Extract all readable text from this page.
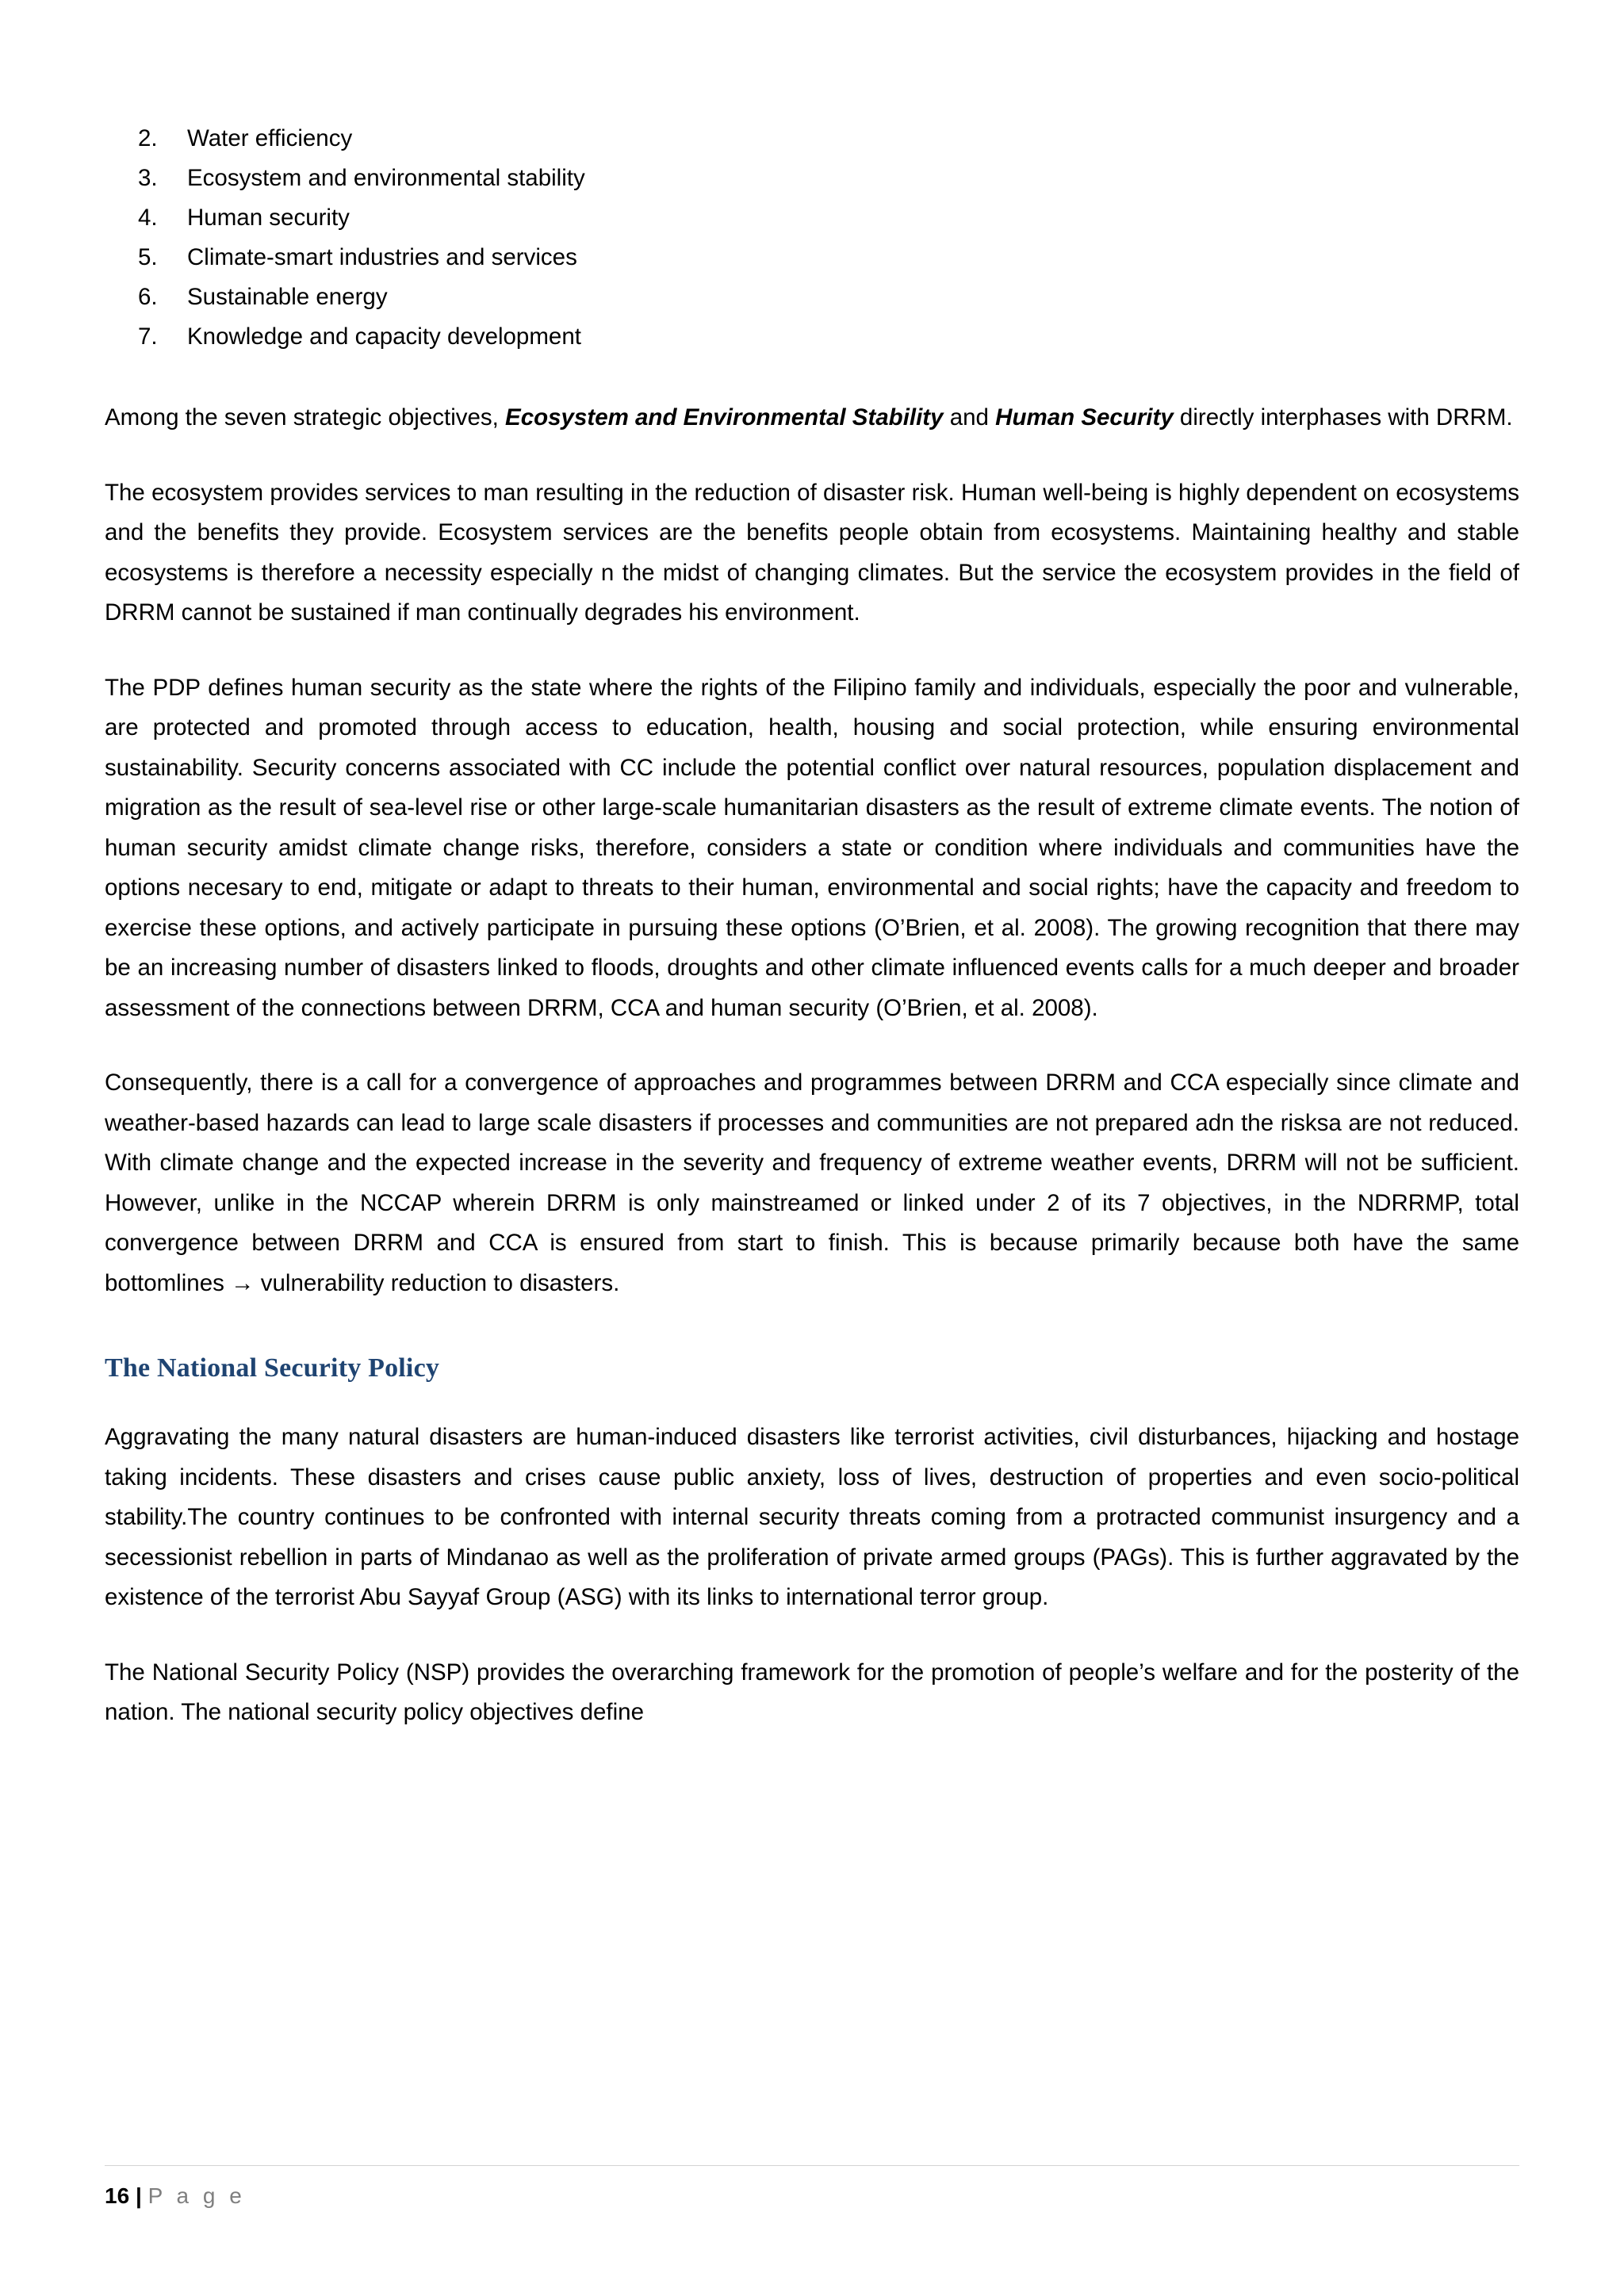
2.	Water efficiency
3.	Ecosystem and environmental stability
4.	Human security
5.	Climate-smart industries and services
6.	Sustainable energy
7.	Knowledge and capacity development

Among the seven strategic objectives, Ecosystem and Environmental Stability and Human Security directly interphases with DRRM.

The ecosystem provides services to man resulting in the reduction of disaster risk. Human well-being is highly dependent on ecosystems and the benefits they provide. Ecosystem services are the benefits people obtain from ecosystems. Maintaining healthy and stable ecosystems is therefore a necessity especially n the midst of changing climates. But the service the ecosystem provides in the field of DRRM cannot be sustained if man continually degrades his environment.

The PDP defines human security as the state where the rights of the Filipino family and individuals, especially the poor and vulnerable, are protected and promoted through access to education, health, housing and social protection, while ensuring environmental sustainability. Security concerns associated with CC include the potential conflict over natural resources, population displacement and migration as the result of sea-level rise or other large-scale humanitarian disasters as the result of extreme climate events. The notion of human security amidst climate change risks, therefore, considers a state or condition where individuals and communities have the options necesary to end, mitigate or adapt to threats to their human, environmental and social rights; have the capacity and freedom to exercise these options, and actively participate in pursuing these options (O’Brien, et al. 2008). The growing recognition that there may be an increasing number of disasters linked to floods, droughts and other climate influenced events calls for a much deeper and broader assessment of the connections between DRRM, CCA and human security (O’Brien, et al. 2008).

Consequently, there is a call for a convergence of approaches and programmes between DRRM and CCA especially since climate and weather-based hazards can lead to large scale disasters if processes and communities are not prepared adn the risksa are not reduced. With climate change and the expected increase in the severity and frequency of extreme weather events, DRRM will not be sufficient. However, unlike in the NCCAP wherein DRRM is only mainstreamed or linked under 2 of its 7 objectives, in the NDRRMP, total convergence between DRRM and CCA is ensured from start to finish. This is because primarily because both have the same bottomlines → vulnerability reduction to disasters.

The National Security Policy

Aggravating the many natural disasters are human-induced disasters like terrorist activities, civil disturbances, hijacking and hostage taking incidents. These disasters and crises cause public anxiety, loss of lives, destruction of properties and even socio-political stability.The country continues to be confronted with internal security threats coming from a protracted communist insurgency and a secessionist rebellion in parts of Mindanao as well as the proliferation of private armed groups (PAGs). This is further aggravated by the existence of the terrorist Abu Sayyaf Group (ASG) with its links to international terror group.

The National Security Policy (NSP) provides the overarching framework for the promotion of people’s welfare and for the posterity of the nation. The national security policy objectives define

16 | P a g e
